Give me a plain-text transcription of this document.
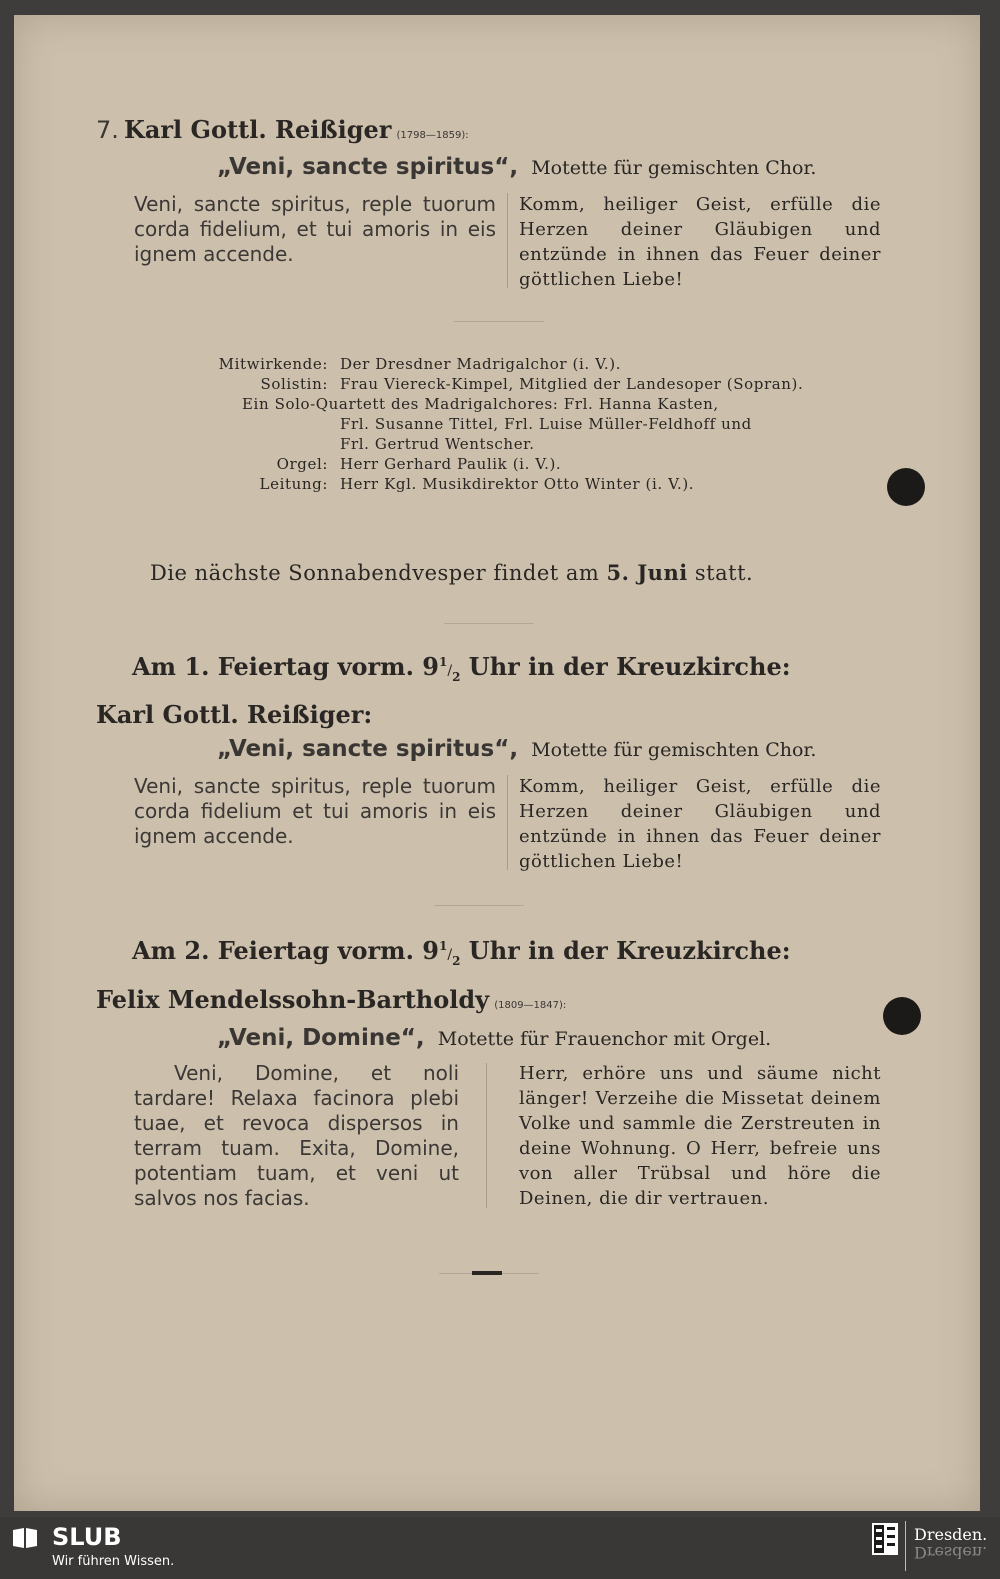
7. Karl Gottl. Reißiger (1798—1859):
„Veni, sancte spiritus“, Motette für gemischten Chor.
Veni, sancte spiritus, reple tuorum corda fidelium, et tui amoris in eis ignem accende.
Komm, heiliger Geist, erfülle die Herzen deiner Gläubigen und entzünde in ihnen das Feuer deiner göttlichen Liebe!
Mitwirkende: Der Dresdner Madrigalchor (i. V.).
Solistin: Frau Viereck-Kimpel, Mitglied der Landesoper (Sopran).
Ein Solo-Quartett des Madrigalchores: Frl. Hanna Kasten,
Frl. Susanne Tittel, Frl. Luise Müller-Feldhoff und
Frl. Gertrud Wentscher.
Orgel: Herr Gerhard Paulik (i. V.).
Leitung: Herr Kgl. Musikdirektor Otto Winter (i. V.).
Die nächste Sonnabendvesper findet am 5. Juni statt.
Am 1. Feiertag vorm. $9^1/_2$ Uhr in der Kreuzkirche:
Karl Gottl. Reißiger:
„Veni, sancte spiritus“, Motette für gemischten Chor.
Veni, sancte spiritus, reple tuorum corda fidelium et tui amoris in eis ignem accende.
Komm, heiliger Geist, erfülle die Herzen deiner Gläubigen und entzünde in ihnen das Feuer deiner göttlichen Liebe!
Am 2. Feiertag vorm. $9^1/_2$ Uhr in der Kreuzkirche:
Felix Mendelssohn-Bartholdy (1809—1847):
„Veni, Domine“, Motette für Frauenchor mit Orgel.
Veni, Domine, et noli tardare! Relaxa facinora plebi tuae, et revoca dispersos in terram tuam. Exita, Domine, potentiam tuam, et veni ut salvos nos facias.
Herr, erhöre uns und säume nicht länger! Verzeihe die Missetat deinem Volke und sammle die Zerstreuten in deine Wohnung. O Herr, befreie uns von aller Trübsal und höre die Deinen, die dir vertrauen.
SLUB
Wir führen Wissen.
Dresden.
Dresden.
